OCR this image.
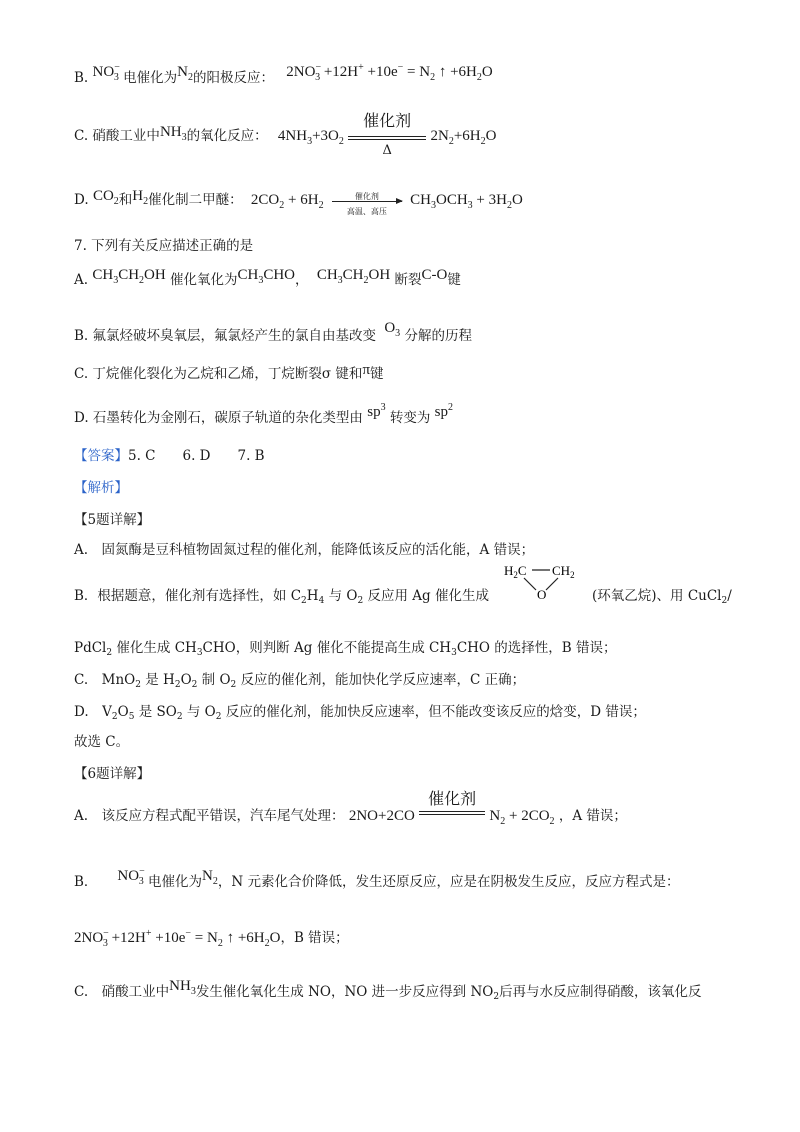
B. $NO^-_3$ 电催化为$N_2$的阳极反应： $2NO^-_3 +12H^+ +10e^- = N_2$ ↑ $+6H_2O$
C. 硝酸工业中$NH_3$的氧化反应： $4NH_3+3O_2$
催化剂
Δ
$2N_2+6H_2O$
D. $CO_2$和$H_2$催化制二甲醚： $2CO_2 + 6H_2$
催化剂
高温、高压
$CH_3OCH_3 + 3H_2O$
7. 下列有关反应描述正确的是
A. $CH_3CH_2OH$ 催化氧化为$CH_3CHO$， $CH_3CH_2OH$ 断裂C-O键
B. 氟氯烃破坏臭氧层，氟氯烃产生的氯自由基改变 $O_3$ 分解的历程
C. 丁烷催化裂化为乙烷和乙烯，丁烷断裂σ 键和π键
D. 石墨转化为金刚石，碳原子轨道的杂化类型由 $sp^3$ 转变为 $sp^2$
【答案】5. C　　6. D　　7. B
【解析】
【5题详解】
A.　固氮酶是豆科植物固氮过程的催化剂，能降低该反应的活化能，A 错误；
B．根据题意，催化剂有选择性，如 $C_2H_4$ 与 $O_2$ 反应用 Ag 催化生成
$H_2C$ $CH_2$
O	(环氧乙烷)、用 CuCl$_2$/
PdCl$_2$ 催化生成 $CH_3CHO$，则判断 Ag 催化不能提高生成 $CH_3CHO$ 的选择性，B 错误；
C.　MnO$_2$ 是 $H_2O_2$ 制 $O_2$ 反应的催化剂，能加快化学反应速率，C 正确；
D.　$V_2O_5$ 是 $SO_2$ 与 $O_2$ 反应的催化剂，能加快反应速率，但不能改变该反应的焓变，D 错误；
故选 C。
【6题详解】
A.　该反应方程式配平错误，汽车尾气处理： 2NO+2CO
催化剂
$N_2 + 2CO_2$ ，A 错误；
B． $NO^-_3$ 电催化为$N_2$，N 元素化合价降低，发生还原反应，应是在阴极发生反应，反应方程式是：
$2NO^-_3 +12H^+ +10e^- = N_2$ ↑ $+6H_2O$，B 错误；
C.　硝酸工业中$NH_3$发生催化氧化生成 NO，NO 进一步反应得到 $NO_2$后再与水反应制得硝酸，该氧化反
